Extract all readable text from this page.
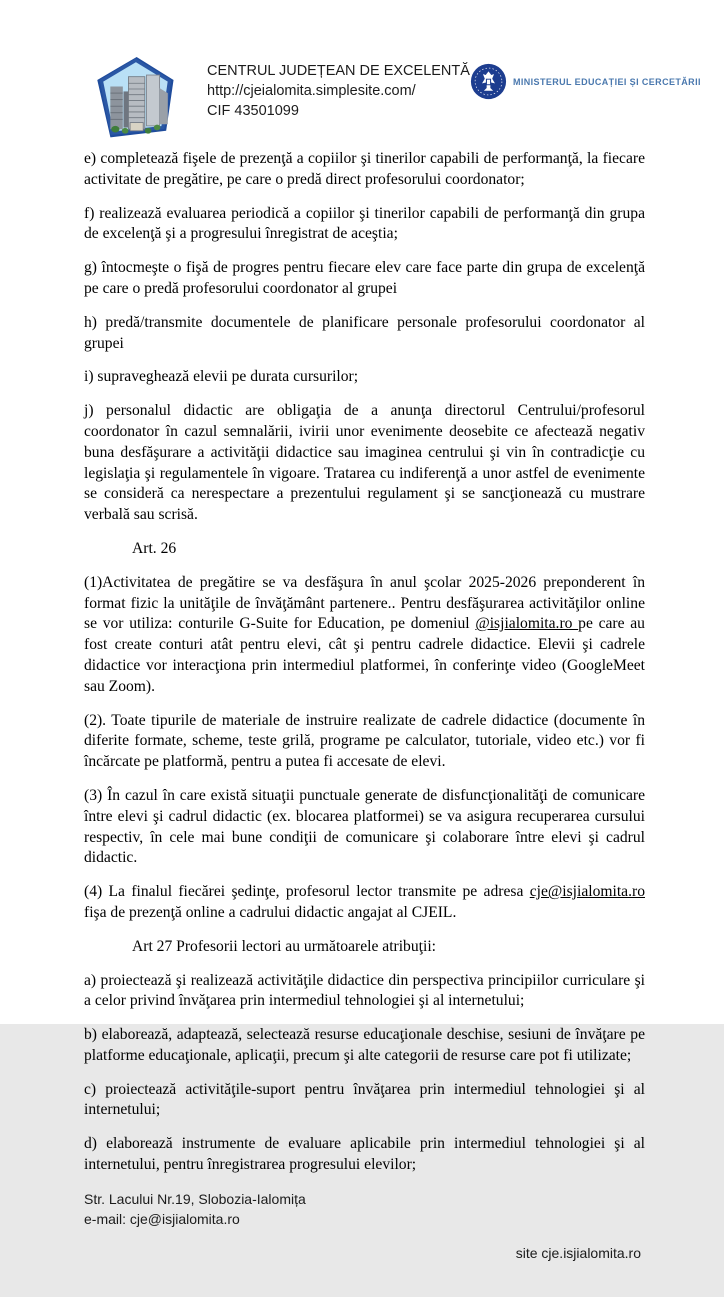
CENTRUL JUDEȚEAN DE EXCELENTĂ
http://cjeialomita.simplesite.com/
CIF 43501099
MINISTERUL EDUCAȚIEI ȘI CERCETĂRII

e) completează fişele de prezenţă a copiilor şi tinerilor capabili de performanţă, la fiecare activitate de pregătire, pe care o predă direct profesorului coordonator;

f) realizează evaluarea periodică a copiilor şi tinerilor capabili de performanţă din grupa de excelenţă şi a progresului înregistrat de aceştia;

g) întocmeşte o fişă de progres pentru fiecare elev care face parte din grupa de excelenţă pe care o predă profesorului coordonator al grupei

h) predă/transmite documentele de planificare personale profesorului coordonator al grupei

i) supraveghează elevii pe durata cursurilor;

j) personalul didactic are obligaţia de a anunţa directorul Centrului/profesorul coordonator în cazul semnalării, ivirii unor evenimente deosebite ce afectează negativ buna desfăşurare a activităţii didactice sau imaginea centrului şi vin în contradicţie cu legislaţia şi regulamentele în vigoare. Tratarea cu indiferenţă a unor astfel de evenimente se consideră ca nerespectare a prezentului regulament şi se sancţionează cu mustrare verbală sau scrisă.

Art. 26

(1)Activitatea de pregătire se va desfăşura în anul şcolar 2025-2026 preponderent în format fizic la unităţile de învăţământ partenere.. Pentru desfăşurarea activităţilor online se vor utiliza: conturile G-Suite for Education, pe domeniul @isjialomita.ro pe care au fost create conturi atât pentru elevi, cât şi pentru cadrele didactice. Elevii şi cadrele didactice vor interacţiona prin intermediul platformei, în conferinţe video (GoogleMeet sau Zoom).

(2). Toate tipurile de materiale de instruire realizate de cadrele didactice (documente în diferite formate, scheme, teste grilă, programe pe calculator, tutoriale, video etc.) vor fi încărcate pe platformă, pentru a putea fi accesate de elevi.

(3) În cazul în care există situaţii punctuale generate de disfuncţionalităţi de comunicare între elevi şi cadrul didactic (ex. blocarea platformei) se va asigura recuperarea cursului respectiv, în cele mai bune condiţii de comunicare şi colaborare între elevi şi cadrul didactic.

(4) La finalul fiecărei şedinţe, profesorul lector transmite pe adresa cje@isjialomita.ro fişa de prezenţă online a cadrului didactic angajat al CJEIL.

Art 27 Profesorii lectori au următoarele atribuţii:

a) proiectează şi realizează activităţile didactice din perspectiva principiilor curriculare şi a celor privind învăţarea prin intermediul tehnologiei şi al internetului;

b) elaborează, adaptează, selectează resurse educaţionale deschise, sesiuni de învăţare pe platforme educaţionale, aplicaţii, precum şi alte categorii de resurse care pot fi utilizate;

c) proiectează activităţile-suport pentru învăţarea prin intermediul tehnologiei şi al internetului;

d) elaborează instrumente de evaluare aplicabile prin intermediul tehnologiei şi al internetului, pentru înregistrarea progresului elevilor;

Str. Lacului Nr.19, Slobozia-Ialomița
e-mail: cje@isjialomita.ro
site cje.isjialomita.ro
